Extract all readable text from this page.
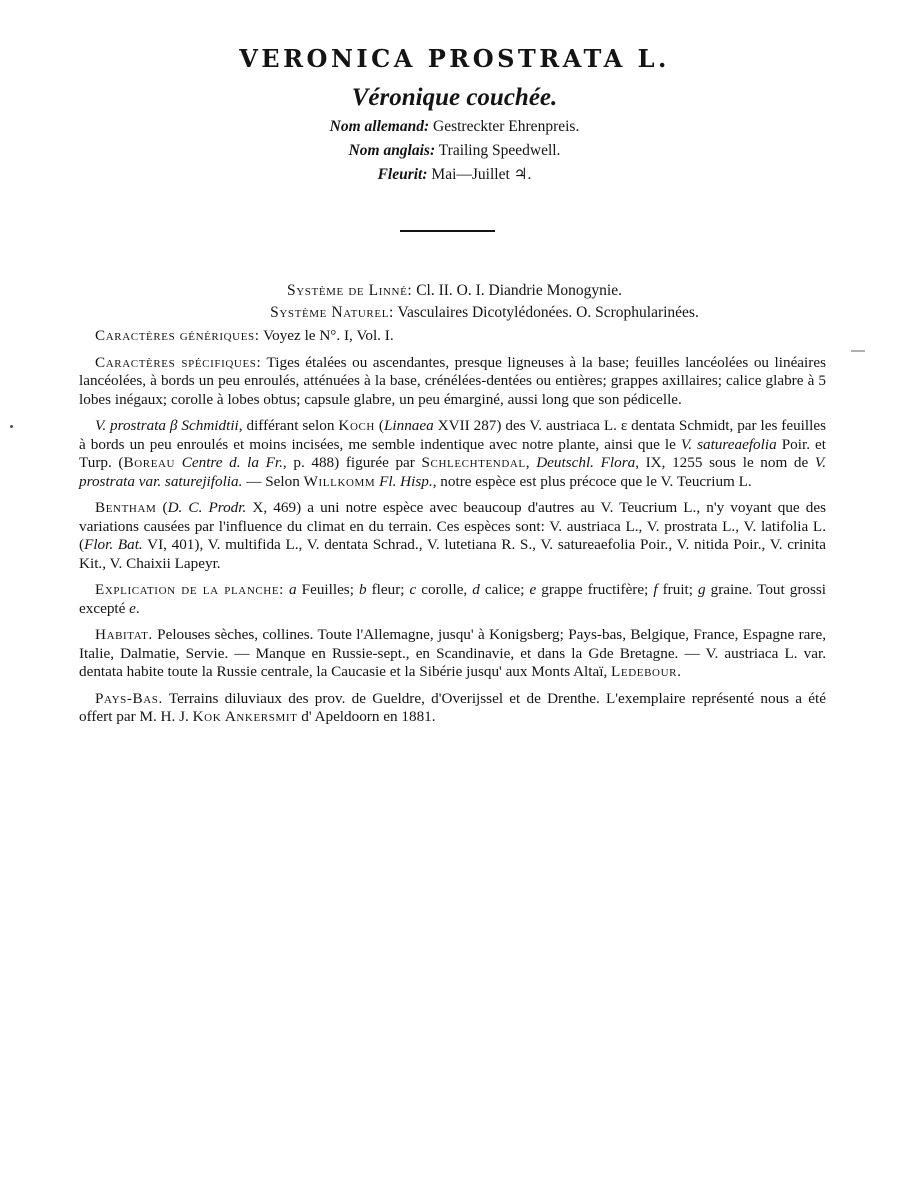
VERONICA PROSTRATA L.
Véronique couchée.

Nom allemand: Gestreckter Ehrenpreis.

Nom anglais: Trailing Speedwell.

Fleurit: Mai—Juillet ♃.

Système de Linné: Cl. II. O. I. Diandrie Monogynie.

Système Naturel: Vasculaires Dicotylédonées. O. Scrophularinées.

Caractères génériques: Voyez le N°. I, Vol. I.

Caractères spécifiques: Tiges étalées ou ascendantes, presque ligneuses à la base; feuilles lancéolées ou linéaires lancéolées, à bords un peu enroulés, atténuées à la base, crénélées-dentées ou entières; grappes axillaires; calice glabre à 5 lobes inégaux; corolle à lobes obtus; capsule glabre, un peu émarginé, aussi long que son pédicelle.

V. prostrata β Schmidtii, différant selon Koch (Linnaea XVII 287) des V. austriaca L. ε dentata Schmidt, par les feuilles à bords un peu enroulés et moins incisées, me semble indentique avec notre plante, ainsi que le V. satureaefolia Poir. et Turp. (Boreau Centre d. la Fr., p. 488) figurée par Schlechtendal, Deutschl. Flora, IX, 1255 sous le nom de V. prostrata var. saturejifolia. — Selon Willkomm Fl. Hisp., notre espèce est plus précoce que le V. Teucrium L.

Bentham (D. C. Prodr. X, 469) a uni notre espèce avec beaucoup d'autres au V. Teucrium L., n'y voyant que des variations causées par l'influence du climat en du terrain. Ces espèces sont: V. austriaca L., V. prostrata L., V. latifolia L. (Flor. Bat. VI, 401), V. multifida L., V. dentata Schrad., V. lutetiana R. S., V. satureaefolia Poir., V. nitida Poir., V. crinita Kit., V. Chaixii Lapeyr.

Explication de la planche: a Feuilles; b fleur; c corolle, d calice; e grappe fructifère; f fruit; g graine. Tout grossi excepté e.

Habitat. Pelouses sèches, collines. Toute l'Allemagne, jusqu' à Konigsberg; Pays-bas, Belgique, France, Espagne rare, Italie, Dalmatie, Servie. — Manque en Russie-sept., en Scandinavie, et dans la Gde Bretagne. — V. austriaca L. var. dentata habite toute la Russie centrale, la Caucasie et la Sibérie jusqu' aux Monts Altaï, Ledebour.

Pays-Bas. Terrains diluviaux des prov. de Gueldre, d'Overijssel et de Drenthe. L'exemplaire représenté nous a été offert par M. H. J. Kok Ankersmit d' Apeldoorn en 1881.
